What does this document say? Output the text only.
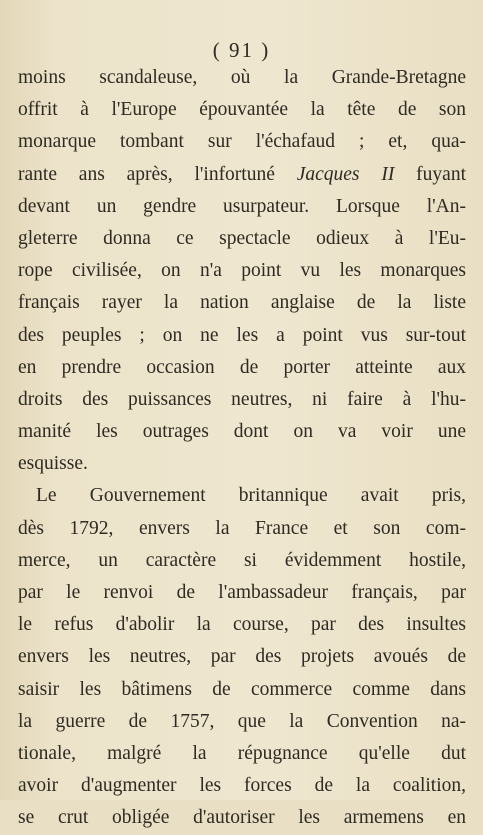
( 91 )
moins scandaleuse, où la Grande-Bretagne
offrit à l'Europe épouvantée la tête de son
monarque tombant sur l'échafaud ; et, qua-
rante ans après, l'infortuné Jacques II fuyant
devant un gendre usurpateur. Lorsque l'An-
gleterre donna ce spectacle odieux à l'Eu-
rope civilisée, on n'a point vu les monarques
français rayer la nation anglaise de la liste
des peuples ; on ne les a point vus sur-tout
en prendre occasion de porter atteinte aux
droits des puissances neutres, ni faire à l'hu-
manité les outrages dont on va voir une
esquisse.
Le Gouvernement britannique avait pris,
dès 1792, envers la France et son com-
merce, un caractère si évidemment hostile,
par le renvoi de l'ambassadeur français, par
le refus d'abolir la course, par des insultes
envers les neutres, par des projets avoués de
saisir les bâtimens de commerce comme dans
la guerre de 1757, que la Convention na-
tionale, malgré la répugnance qu'elle dut
avoir d'augmenter les forces de la coalition,
se crut obligée d'autoriser les armemens en
